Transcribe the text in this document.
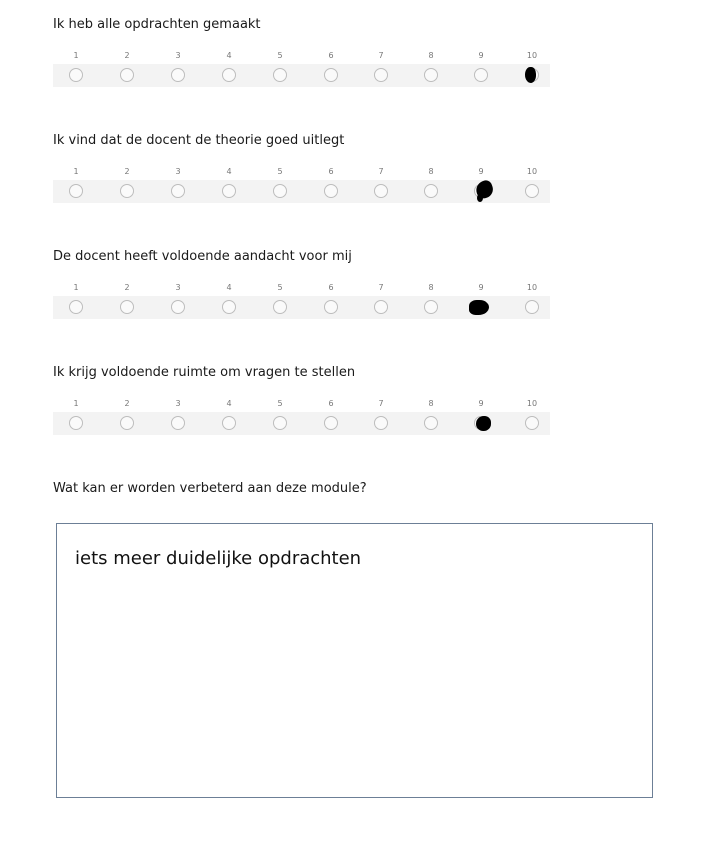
Ik heb alle opdrachten gemaakt

1	2	3	4	5	6	7	8	9	10

Ik vind dat de docent de theorie goed uitlegt

1	2	3	4	5	6	7	8	9	10

De docent heeft voldoende aandacht voor mij

1	2	3	4	5	6	7	8	9	10

Ik krijg voldoende ruimte om vragen te stellen

1	2	3	4	5	6	7	8	9	10

Wat kan er worden verbeterd aan deze module?

iets meer duidelijke opdrachten
